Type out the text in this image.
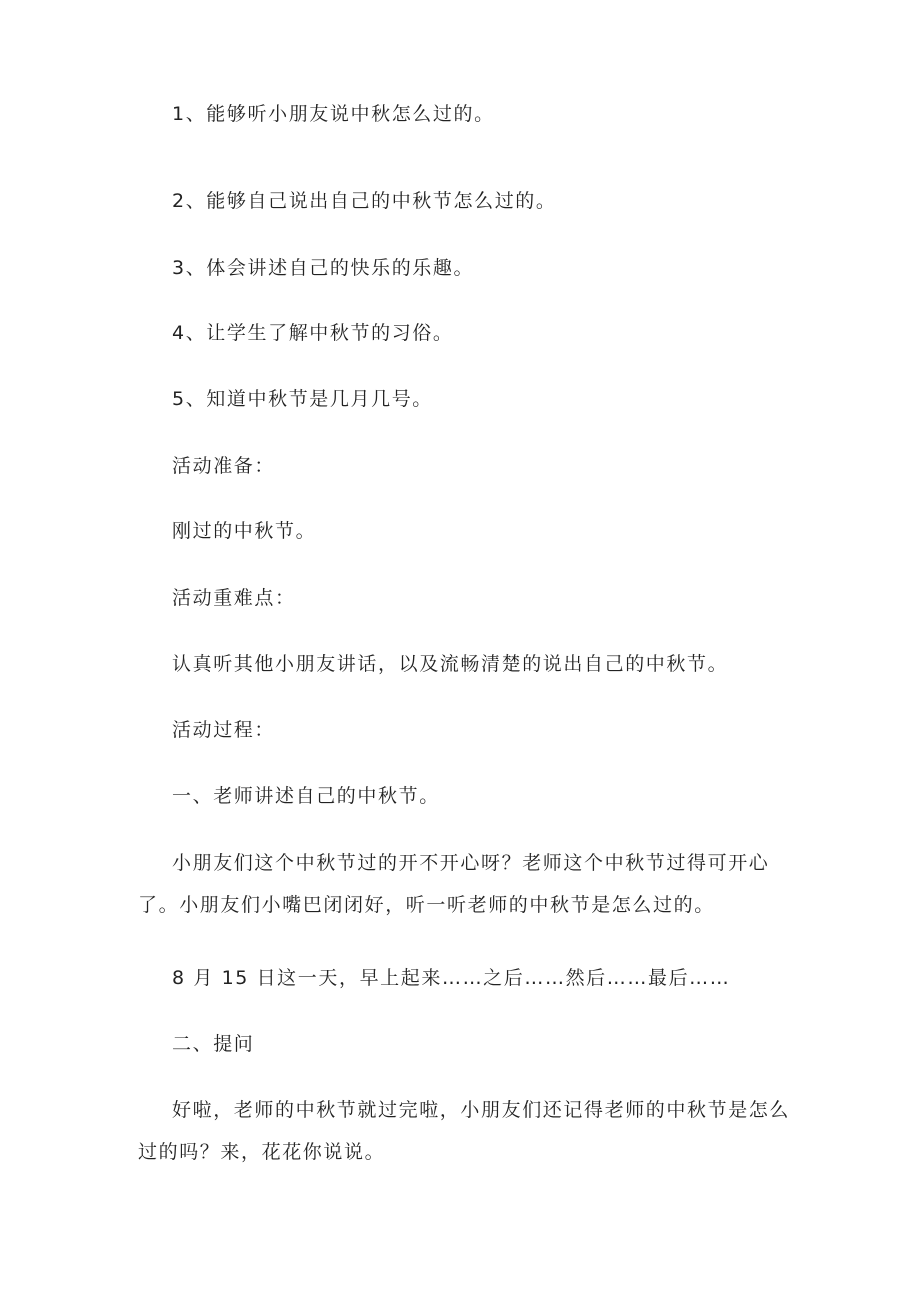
1、能够听小朋友说中秋怎么过的。

2、能够自己说出自己的中秋节怎么过的。

3、体会讲述自己的快乐的乐趣。

4、让学生了解中秋节的习俗。

5、知道中秋节是几月几号。

活动准备：

刚过的中秋节。

活动重难点：

认真听其他小朋友讲话，以及流畅清楚的说出自己的中秋节。

活动过程：

一、老师讲述自己的中秋节。

小朋友们这个中秋节过的开不开心呀？老师这个中秋节过得可开心
了。小朋友们小嘴巴闭闭好，听一听老师的中秋节是怎么过的。

8 月 15 日这一天，早上起来……之后……然后……最后……

二、提问

好啦，老师的中秋节就过完啦，小朋友们还记得老师的中秋节是怎么
过的吗？来，花花你说说。
